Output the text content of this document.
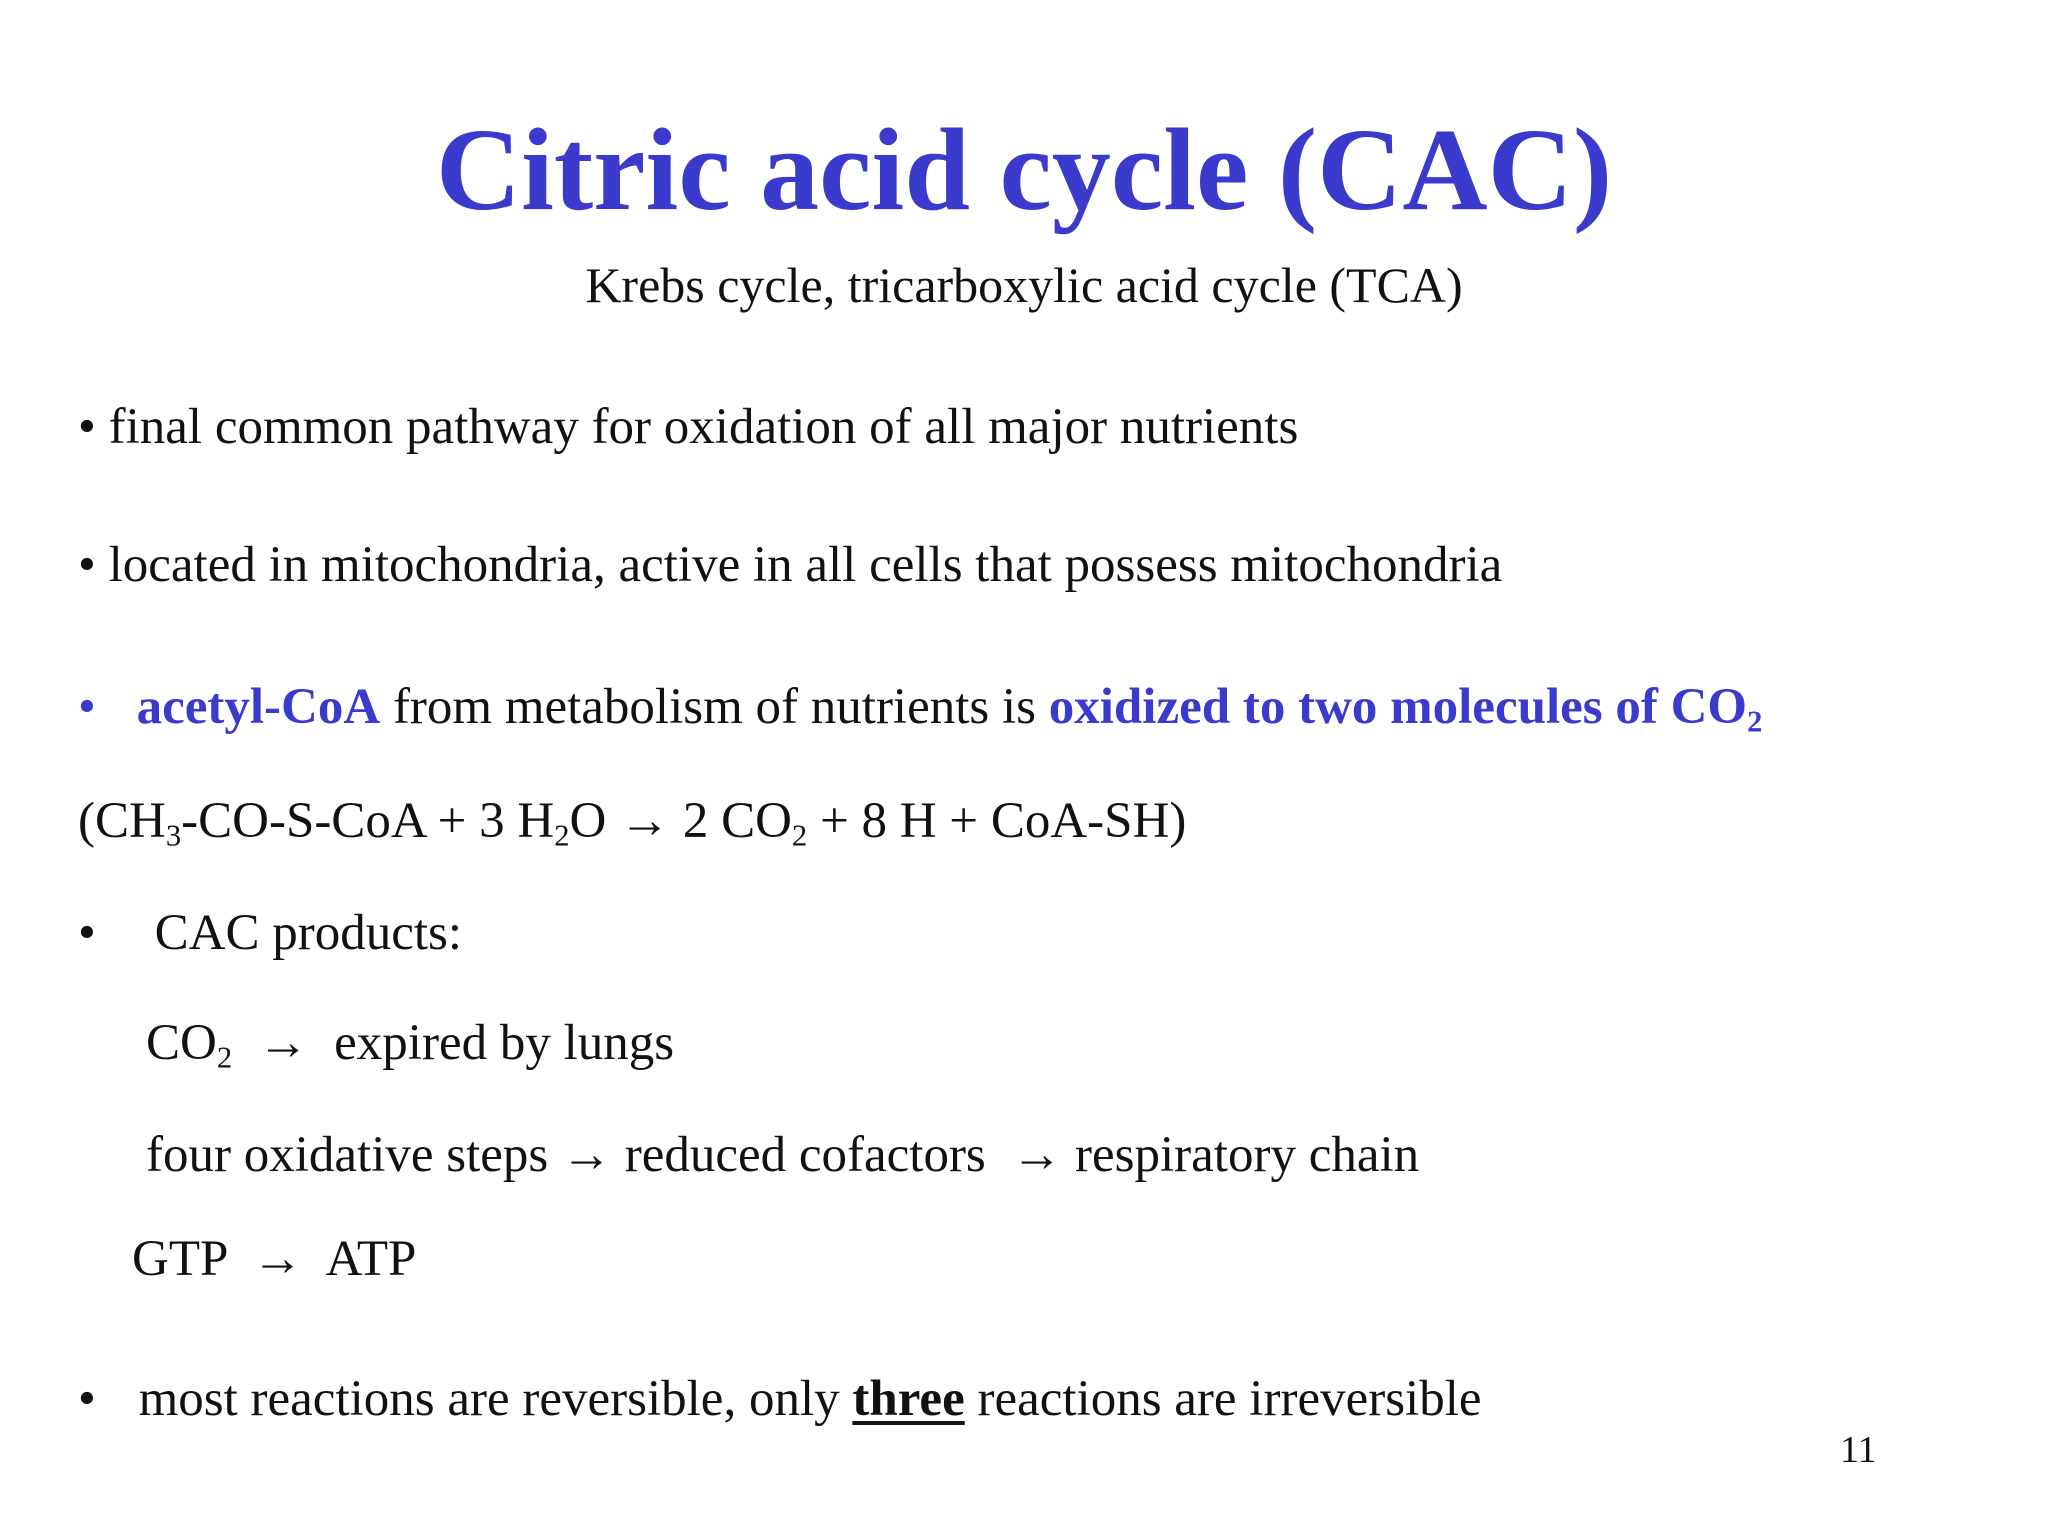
Citric acid cycle (CAC)
Krebs cycle, tricarboxylic acid cycle (TCA)
• final common pathway for oxidation of all major nutrients
• located in mitochondria, active in all cells that possess mitochondria
• acetyl-CoA from metabolism of nutrients is oxidized to two molecules of $CO_2$
($CH_3-CO-S$-CoA + 3 $H_2O \to 2$ $CO_2 + 8$ H + CoA-SH)
• CAC products:
$CO_2$  →  expired by lungs
four oxidative steps → reduced cofactors  → respiratory chain
GTP  →  ATP
• most reactions are reversible, only three reactions are irreversible
11
